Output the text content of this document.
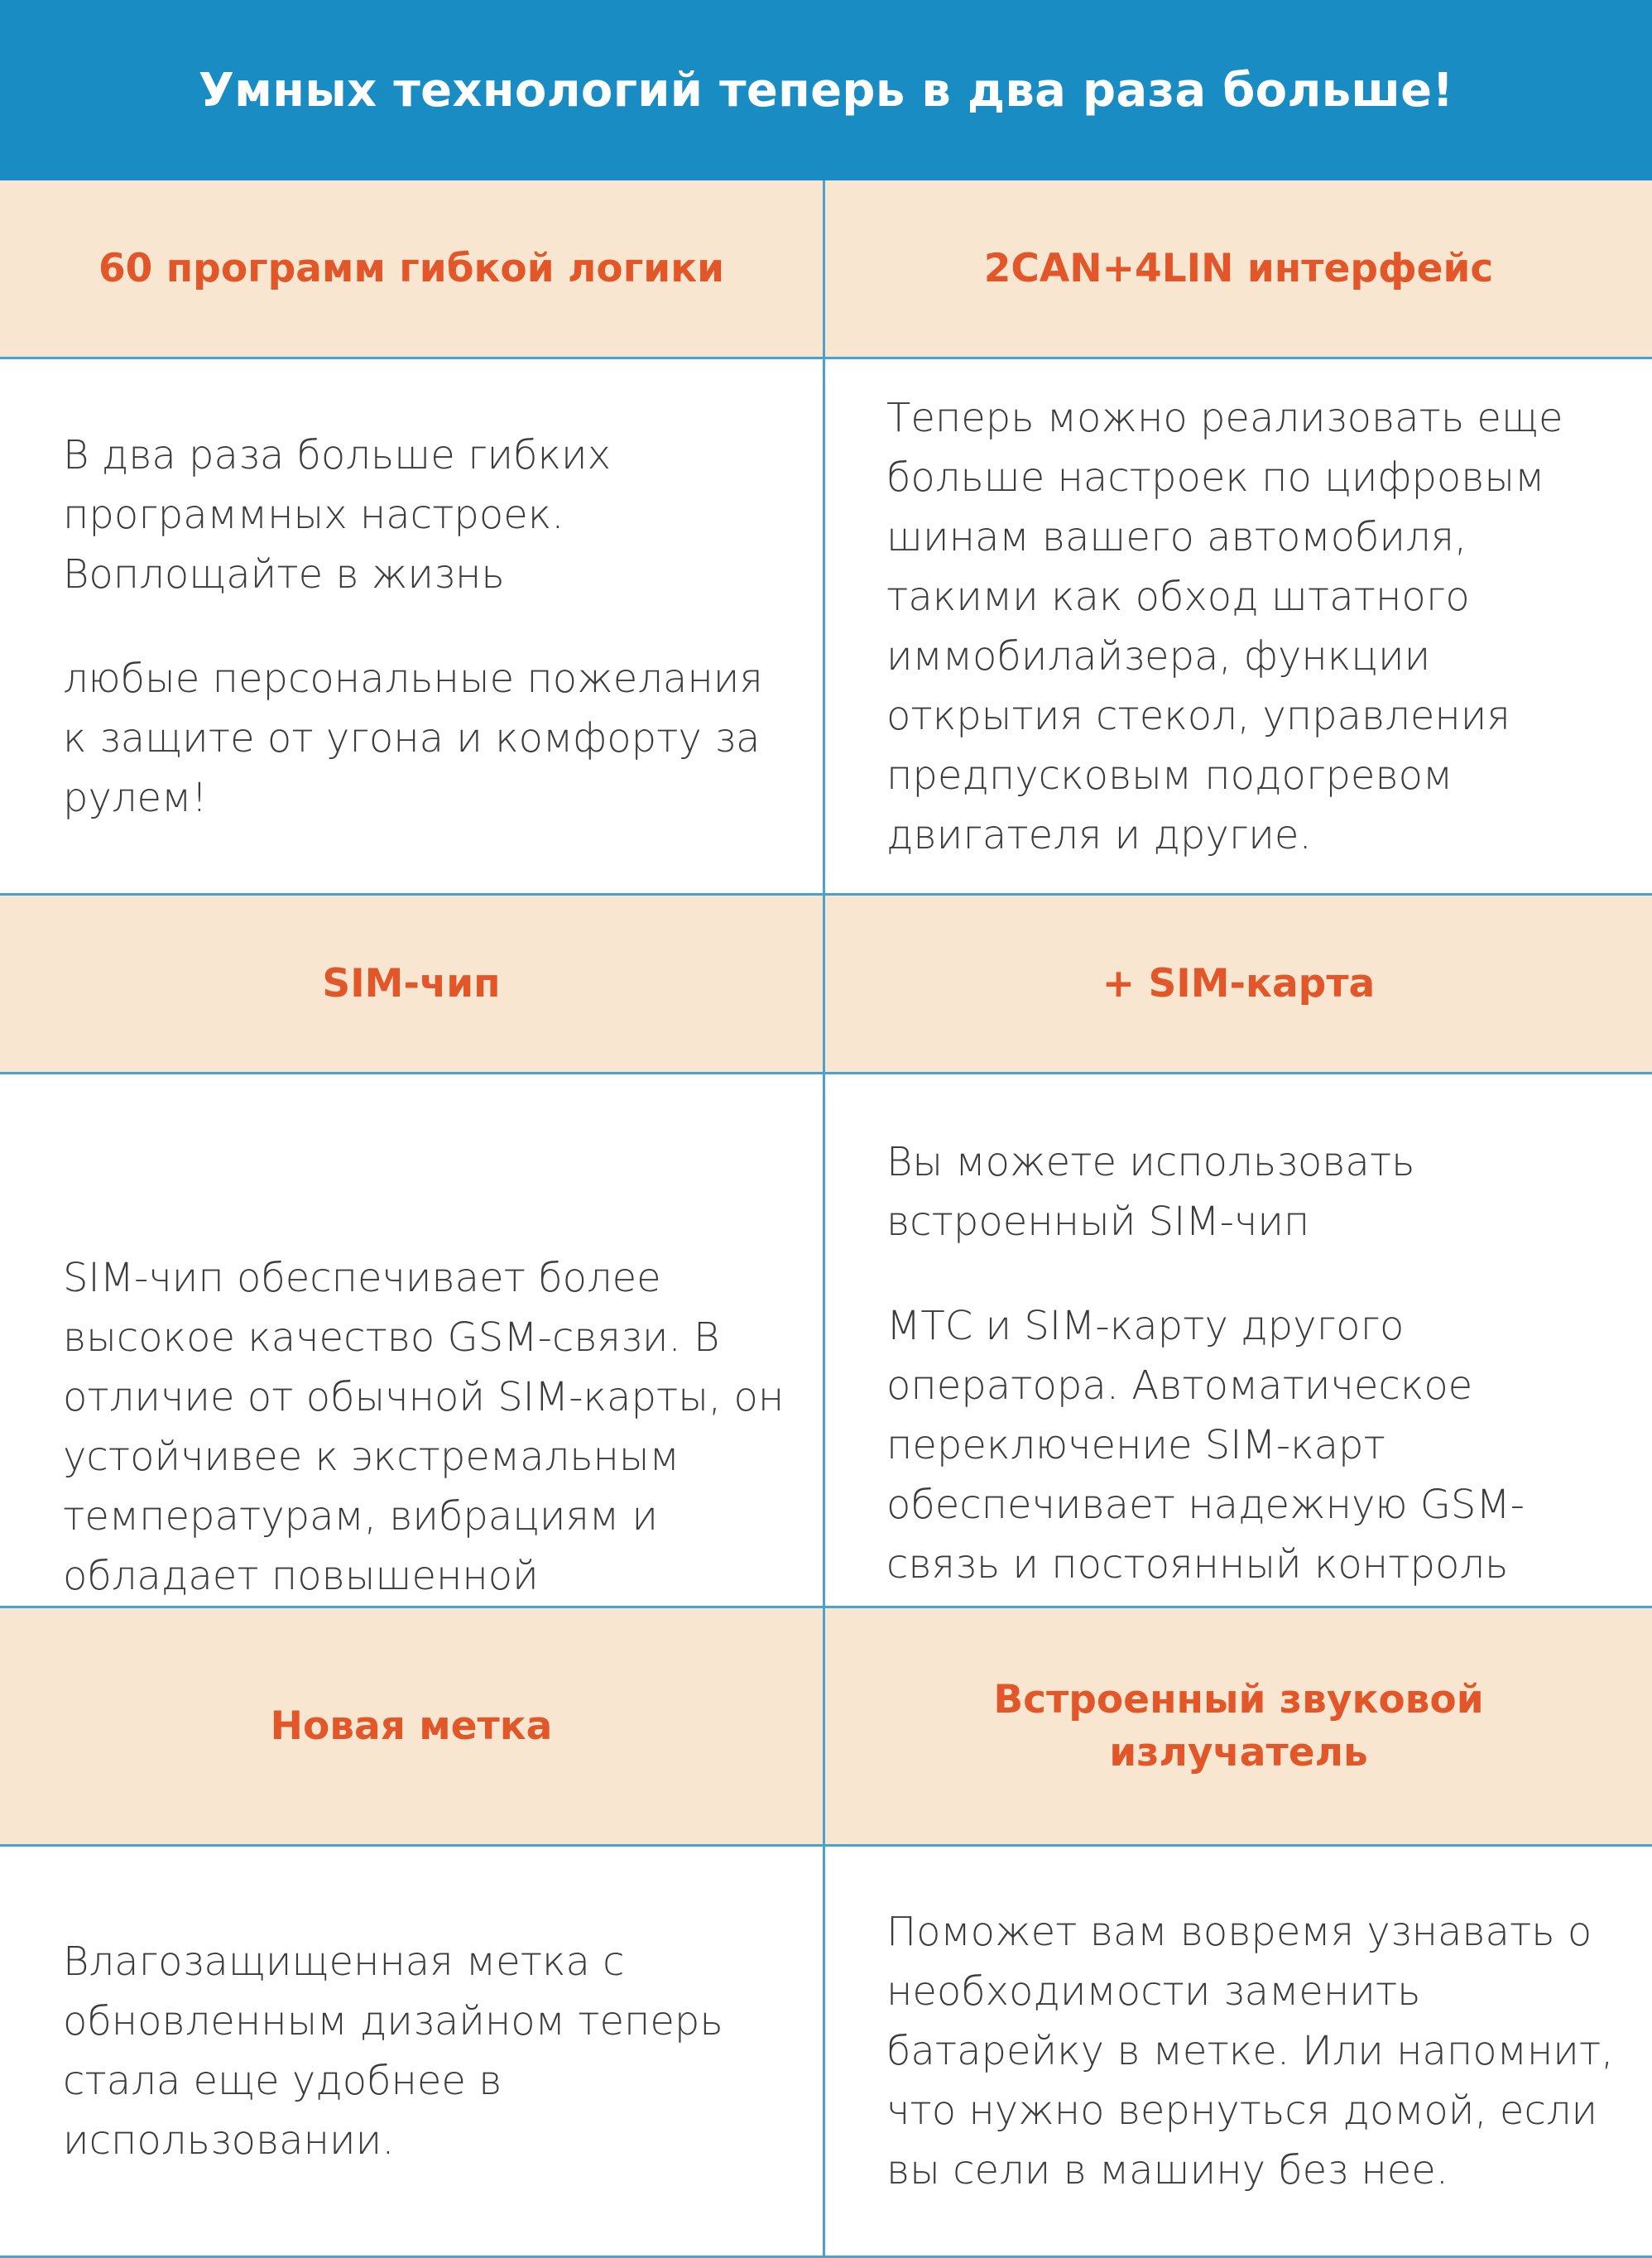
Умных технологий теперь в два раза больше!
60 программ гибкой логики	2CAN+4LIN интерфейс

В два раза больше гибких программных настроек. Воплощайте в жизнь

любые персональные пожелания к защите от угона и комфорту за рулем!

Теперь можно реализовать еще больше настроек по цифровым шинам вашего автомобиля, такими как обход штатного иммобилайзера, функции открытия стекол, управления предпусковым подогревом двигателя и другие.

SIM-чип	+ SIM-карта

SIM-чип обеспечивает более высокое качество GSM-связи. В отличие от обычной SIM-карты, он устойчивее к экстремальным температурам, вибрациям и обладает повышенной

Вы можете использовать встроенный SIM-чип

МТС и SIM-карту другого оператора. Автоматическое переключение SIM-карт обеспечивает надежную GSM-связь и постоянный контроль

Новая метка
Встроенный звуковой излучатель

Влагозащищенная метка с обновленным дизайном теперь стала еще удобнее в использовании.

Поможет вам вовремя узнавать о необходимости заменить батарейку в метке. Или напомнит, что нужно вернуться домой, если вы сели в машину без нее.
